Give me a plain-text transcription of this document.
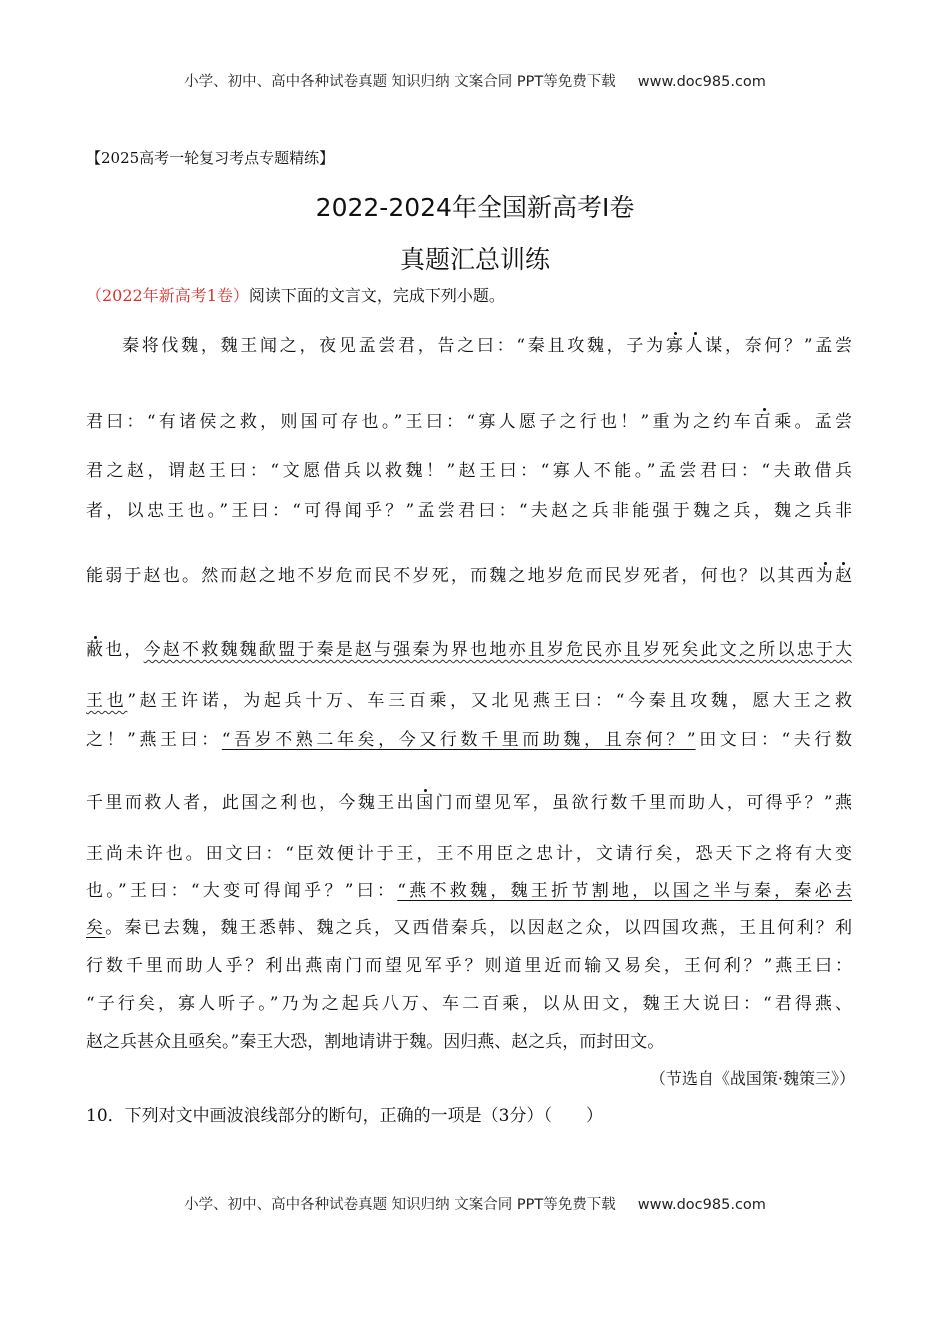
小学、初中、高中各种试卷真题 知识归纳 文案合同 PPT等免费下载 www.doc985.com
【2025高考一轮复习考点专题精练】
2022-2024年全国新高考Ⅰ卷
真题汇总训练
（2022年新高考1卷）阅读下面的文言文，完成下列小题。
秦将伐魏，魏王闻之，夜见孟尝君，告之曰：“秦且攻魏，子为寡人谋，奈何？”孟尝
君曰：“有诸侯之救，则国可存也。”王曰：“寡人愿子之行也！”重为之约车百乘。孟尝
君之赵，谓赵王曰：“文愿借兵以救魏！”赵王曰：“寡人不能。”孟尝君曰：“夫敢借兵
者，以忠王也。”王曰：“可得闻乎？”孟尝君曰：“夫赵之兵非能强于魏之兵，魏之兵非
能弱于赵也。然而赵之地不岁危而民不岁死，而魏之地岁危而民岁死者，何也？以其西为赵
蔽也，今赵不救魏魏歃盟于秦是赵与强秦为界也地亦且岁危民亦且岁死矣此文之所以忠于大
王也”赵王许诺，为起兵十万、车三百乘，又北见燕王曰：“今秦且攻魏，愿大王之救
之！”燕王曰：“吾岁不熟二年矣，今又行数千里而助魏，且奈何？”田文曰：“夫行数
千里而救人者，此国之利也，今魏王出国门而望见军，虽欲行数千里而助人，可得乎？”燕
王尚未许也。田文曰：“臣效便计于王，王不用臣之忠计，文请行矣，恐天下之将有大变
也。”王曰：“大变可得闻乎？”曰：“燕不救魏，魏王折节割地，以国之半与秦，秦必去
矣。秦已去魏，魏王悉韩、魏之兵，又西借秦兵，以因赵之众，以四国攻燕，王且何利？利
行数千里而助人乎？利出燕南门而望见军乎？则道里近而输又易矣，王何利？”燕王曰：
“子行矣，寡人听子。”乃为之起兵八万、车二百乘，以从田文，魏王大说曰：“君得燕、
赵之兵甚众且亟矣。”秦王大恐，割地请讲于魏。因归燕、赵之兵，而封田文。
（节选自《战国策·魏策三》）
10．下列对文中画波浪线部分的断句，正确的一项是（3分）（　　）
小学、初中、高中各种试卷真题 知识归纳 文案合同 PPT等免费下载 www.doc985.com
